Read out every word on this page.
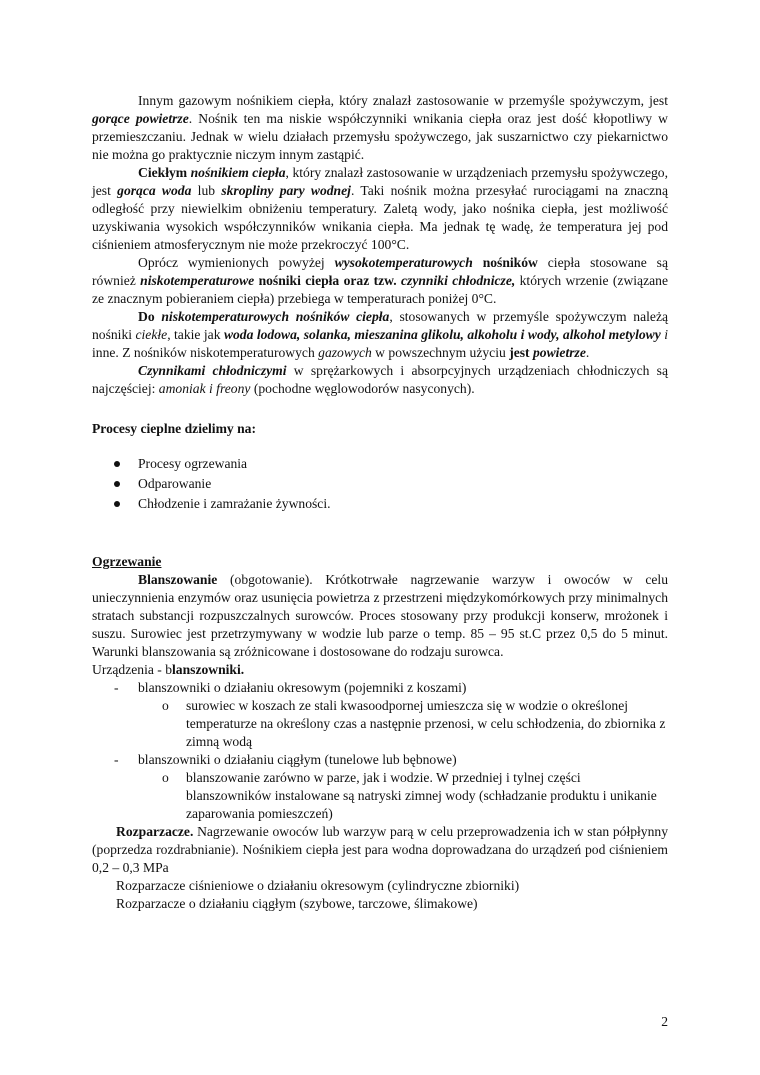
Innym gazowym nośnikiem ciepła, który znalazł zastosowanie w przemyśle spożywczym, jest gorące powietrze. Nośnik ten ma niskie współczynniki wnikania ciepła oraz jest dość kłopotliwy w przemieszczaniu. Jednak w wielu działach przemysłu spożywczego, jak suszarnictwo czy piekarnictwo nie można go praktycznie niczym innym zastąpić.

Ciekłym nośnikiem ciepła, który znalazł zastosowanie w urządzeniach przemysłu spożywczego, jest gorąca woda lub skropliny pary wodnej. Taki nośnik można przesyłać rurociągami na znaczną odległość przy niewielkim obniżeniu temperatury. Zaletą wody, jako nośnika ciepła, jest możliwość uzyskiwania wysokich współczynników wnikania ciepła. Ma jednak tę wadę, że temperatura jej pod ciśnieniem atmosferycznym nie może przekroczyć 100°C.

Oprócz wymienionych powyżej wysokotemperaturowych nośników ciepła stosowane są również niskotemperaturowe nośniki ciepła oraz tzw. czynniki chłodnicze, których wrzenie (związane ze znacznym pobieraniem ciepła) przebiega w temperaturach poniżej 0°C.

Do niskotemperaturowych nośników ciepła, stosowanych w przemyśle spożywczym należą nośniki ciekłe, takie jak woda lodowa, solanka, mieszanina glikolu, alkoholu i wody, alkohol metylowy i inne. Z nośników niskotemperaturowych gazowych w powszechnym użyciu jest powietrze.

Czynnikami chłodniczymi w sprężarkowych i absorpcyjnych urządzeniach chłodniczych są najczęściej: amoniak i freony (pochodne węglowodorów nasyconych).

Procesy cieplne dzielimy na:

Procesy ogrzewania
Odparowanie
Chłodzenie i zamrażanie żywności.

Ogrzewanie

Blanszowanie (obgotowanie). Krótkotrwałe nagrzewanie warzyw i owoców w celu unieczynnienia enzymów oraz usunięcia powietrza z przestrzeni międzykomórkowych przy minimalnych stratach substancji rozpuszczalnych surowców. Proces stosowany przy produkcji konserw, mrożonek i suszu. Surowiec jest przetrzymywany w wodzie lub parze o temp. 85 – 95 st.C przez 0,5 do 5 minut. Warunki blanszowania są zróżnicowane i dostosowane do rodzaju surowca.

Urządzenia - blanszowniki.

- blanszowniki o działaniu okresowym (pojemniki z koszami)

o surowiec w koszach ze stali kwasoodpornej umieszcza się w wodzie o określonej temperaturze na określony czas a następnie przenosi, w celu schłodzenia, do zbiornika z zimną wodą

- blanszowniki o działaniu ciągłym (tunelowe lub bębnowe)

o blanszowanie zarówno w parze, jak i wodzie. W przedniej i tylnej części blanszowników instalowane są natryski zimnej wody (schładzanie produktu i unikanie zaparowania pomieszczeń)

Rozparzacze. Nagrzewanie owoców lub warzyw parą w celu przeprowadzenia ich w stan półpłynny (poprzedza rozdrabnianie). Nośnikiem ciepła jest para wodna doprowadzana do urządzeń pod ciśnieniem 0,2 – 0,3 MPa

Rozparzacze ciśnieniowe o działaniu okresowym (cylindryczne zbiorniki)

Rozparzacze o działaniu ciągłym (szybowe, tarczowe, ślimakowe)

2
